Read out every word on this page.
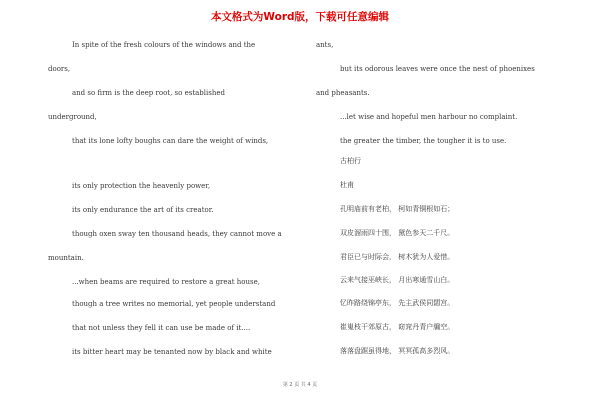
本文格式为Word版，下载可任意编辑
In spite of the fresh colours of the windows and the
doors,
and so firm is the deep root, so established
underground,
that its lone lofty boughs can dare the weight of winds,
its only protection the heavenly power,
its only endurance the art of its creator.
though oxen sway ten thousand heads, they cannot move a
mountain.
...when beams are required to restore a great house,
though a tree writes no memorial, yet people understand
that not unless they fell it can use be made of it....
its bitter heart may be tenanted now by black and white
ants,
but its odorous leaves were once the nest of phoenixes
and pheasants.
...let wise and hopeful men harbour no complaint.
the greater the timber, the tougher it is to use.
古柏行
杜甫
孔明庙前有老柏， 柯如青铜根如石；
双皮溜雨四十围， 黛色参天二千尺。
君臣已与时际会， 树木犹为人爱惜。
云来气接巫峡长， 月出寒通雪山白。
忆昨路绕锦亭东， 先主武侯同閟宫。
崔嵬枝干郊原古， 窈窕丹青户牖空。
落落盘踞虽得地， 冥冥孤高多烈风。
第 2 页 共 4 页
